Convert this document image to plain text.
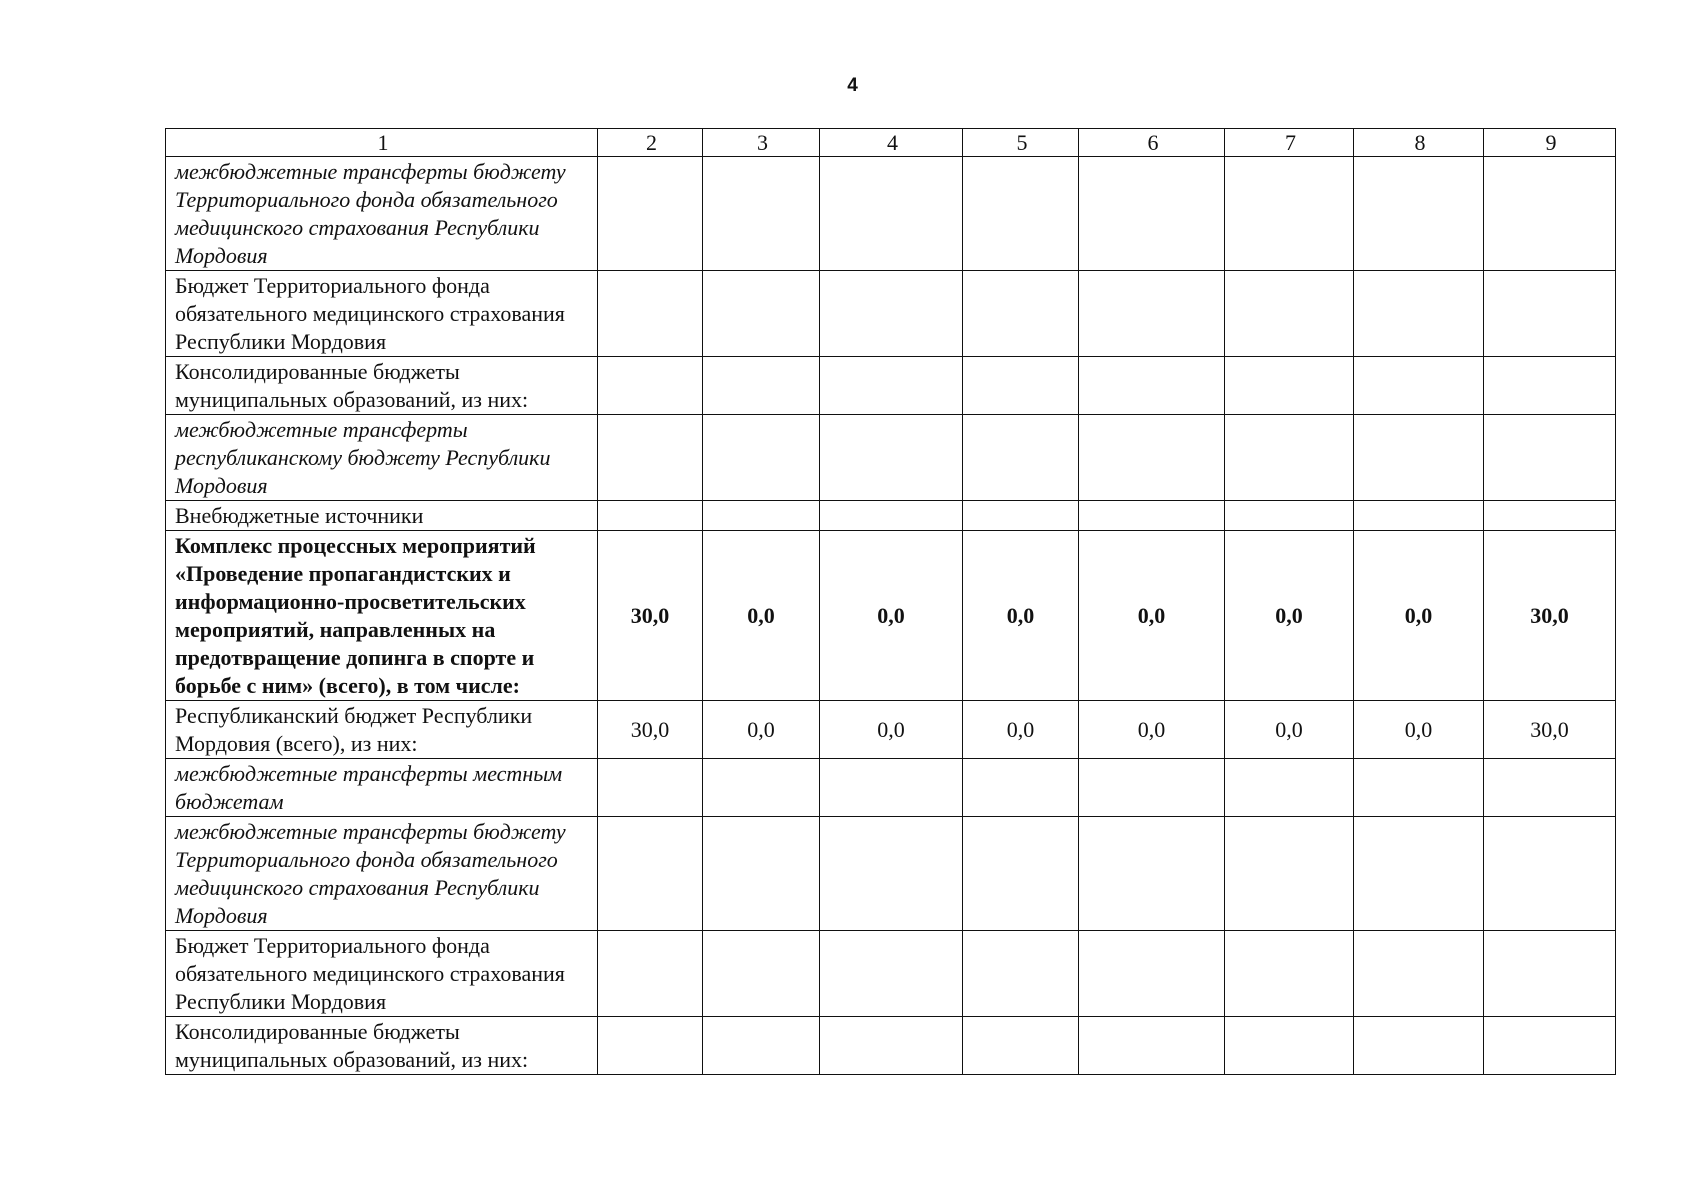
4
1	2	3	4	5	6	7	8	9
межбюджетные трансферты бюджету Территориального фонда обязательного медицинского страхования Республики Мордовия								
Бюджет Территориального фонда обязательного медицинского страхования Республики Мордовия								
Консолидированные бюджеты муниципальных образований, из них:								
межбюджетные трансферты республиканскому бюджету Республики Мордовия								
Внебюджетные источники								
Комплекс процессных мероприятий «Проведение пропагандистских и информационно-просветительских мероприятий, направленных на предотвращение допинга в спорте и борьбе с ним» (всего), в том числе:	30,0	0,0	0,0	0,0	0,0	0,0	0,0	30,0
Республиканский бюджет Республики Мордовия (всего), из них:	30,0	0,0	0,0	0,0	0,0	0,0	0,0	30,0
межбюджетные трансферты местным бюджетам								
межбюджетные трансферты бюджету Территориального фонда обязательного медицинского страхования Республики Мордовия								
Бюджет Территориального фонда обязательного медицинского страхования Республики Мордовия								
Консолидированные бюджеты муниципальных образований, из них:								
